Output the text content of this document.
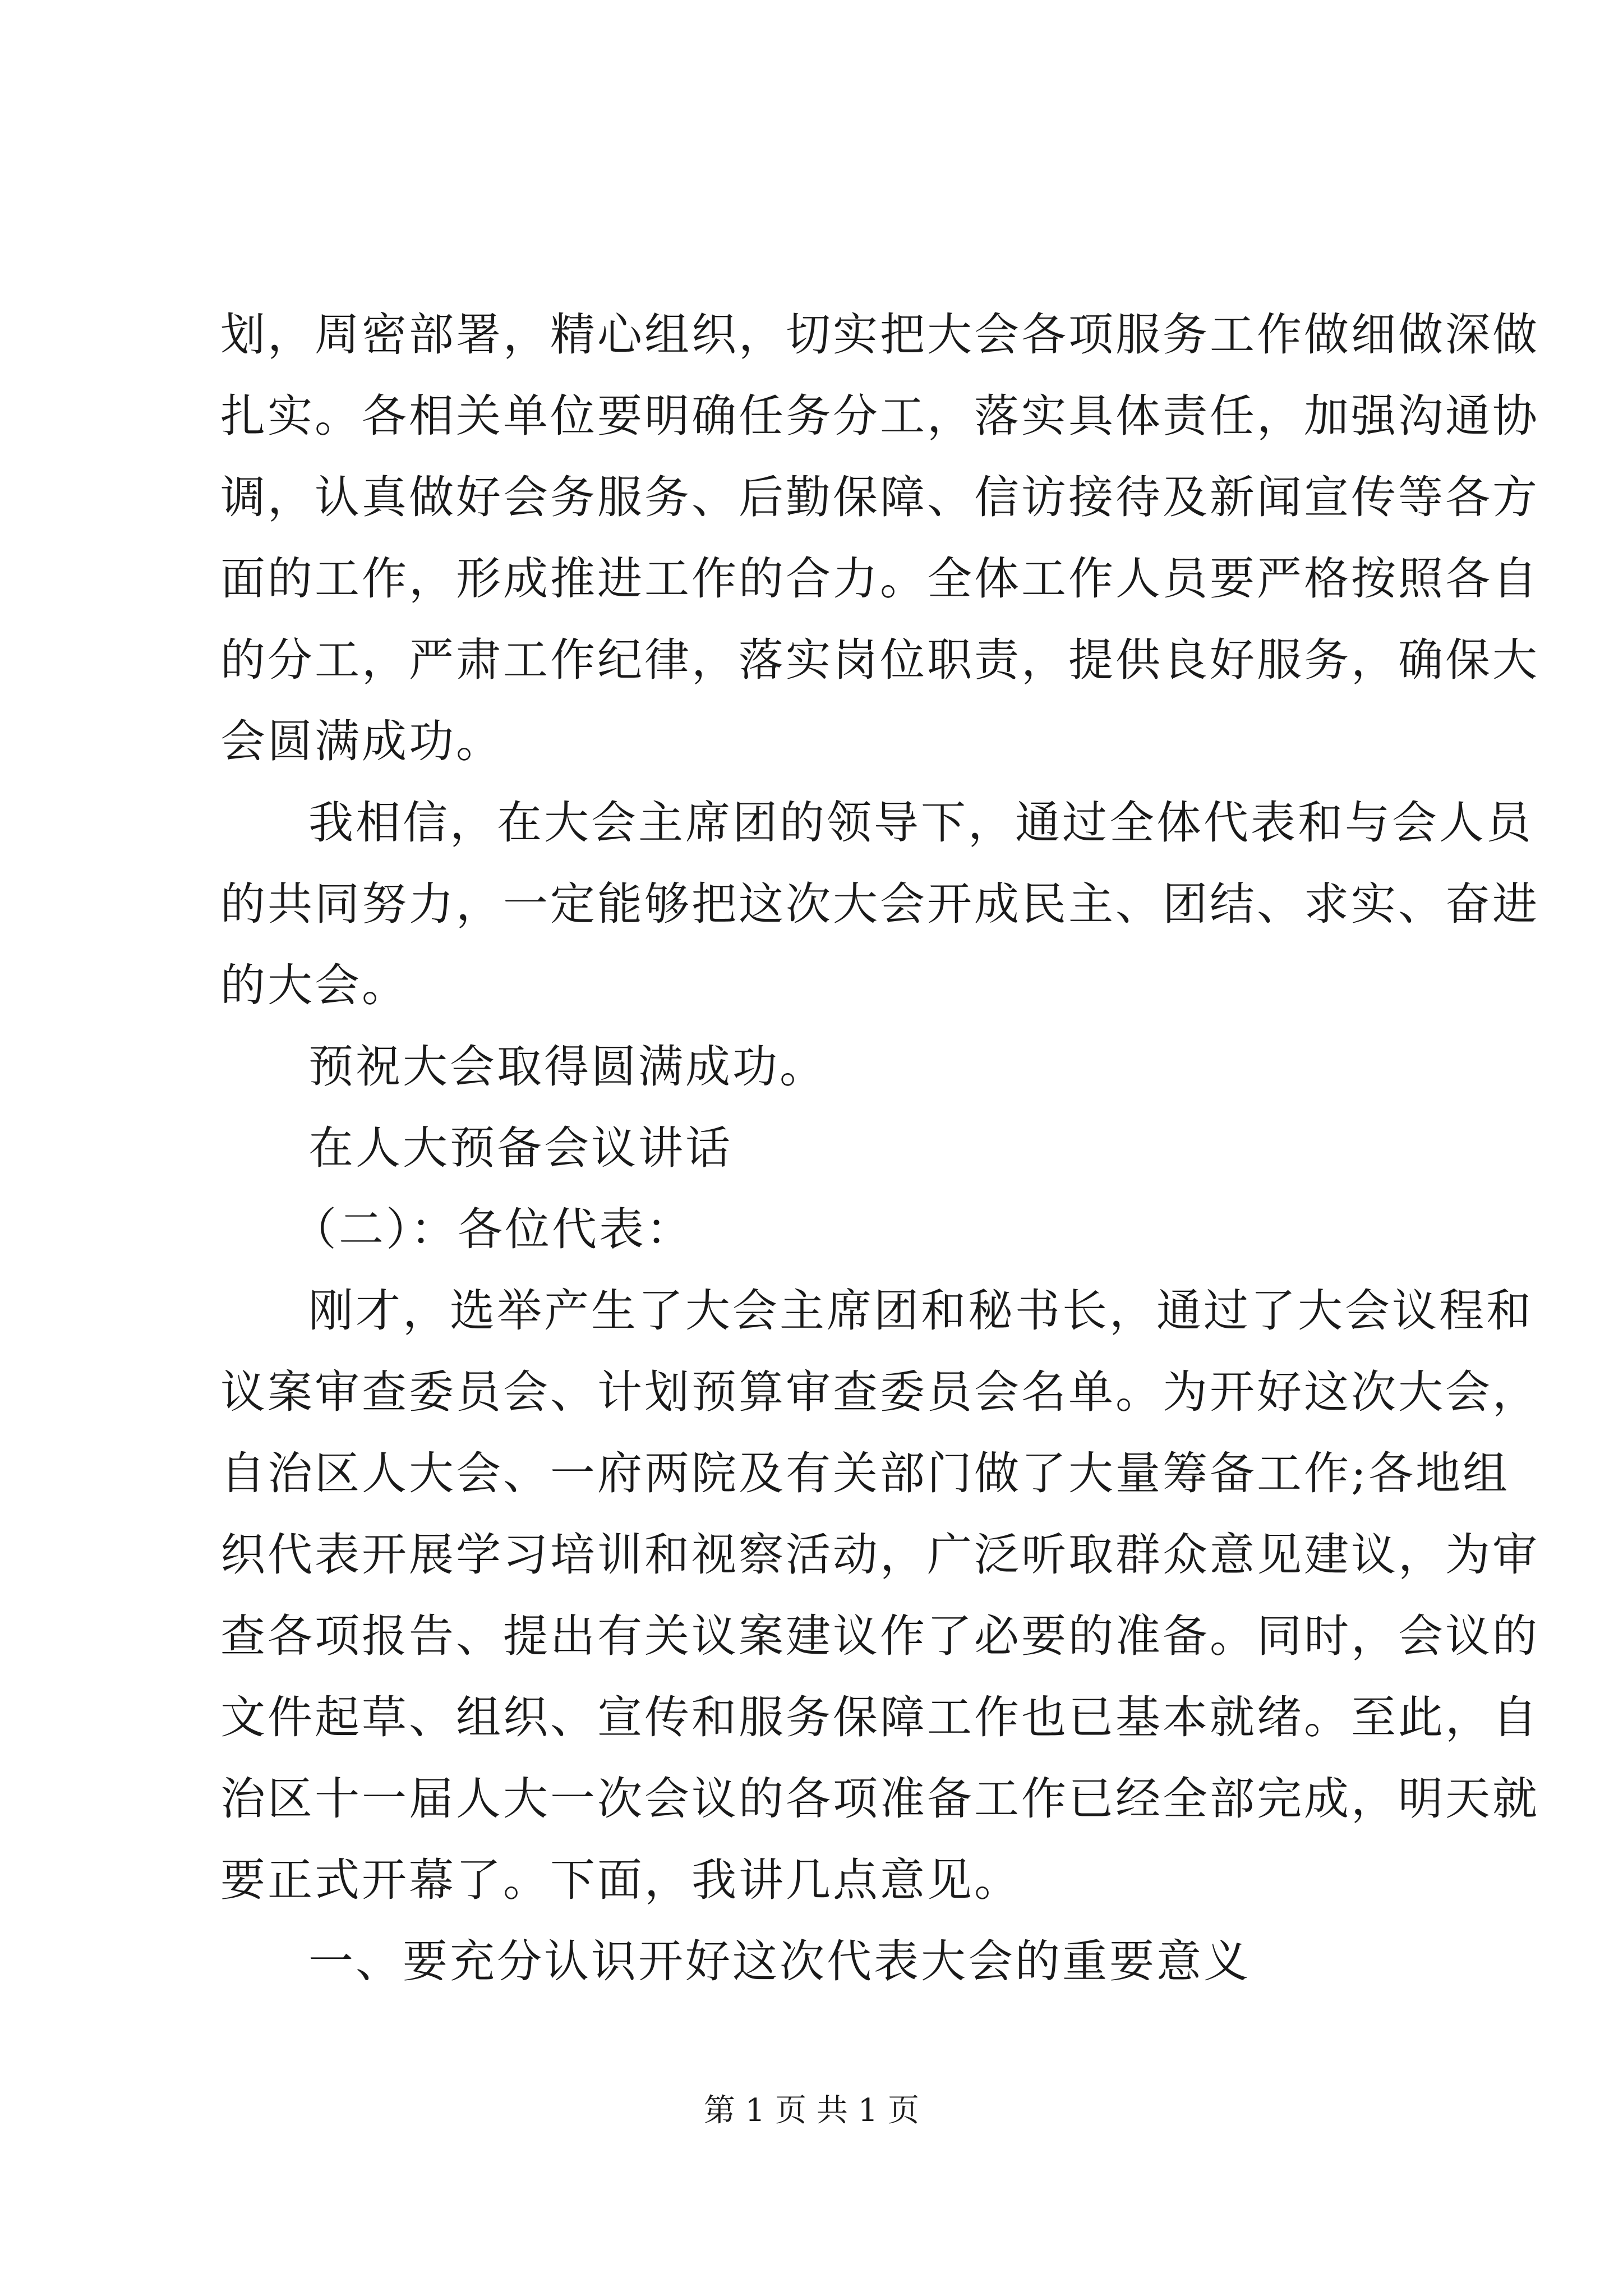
划，周密部署，精心组织，切实把大会各项服务工作做细做深做
扎实。各相关单位要明确任务分工，落实具体责任，加强沟通协
调，认真做好会务服务、后勤保障、信访接待及新闻宣传等各方
面的工作，形成推进工作的合力。全体工作人员要严格按照各自
的分工，严肃工作纪律，落实岗位职责，提供良好服务，确保大
会圆满成功。
我相信，在大会主席团的领导下，通过全体代表和与会人员
的共同努力，一定能够把这次大会开成民主、团结、求实、奋进
的大会。
预祝大会取得圆满成功。
在人大预备会议讲话
（二）：各位代表：
刚才，选举产生了大会主席团和秘书长，通过了大会议程和
议案审查委员会、计划预算审查委员会名单。为开好这次大会，
自治区人大会、一府两院及有关部门做了大量筹备工作;各地组
织代表开展学习培训和视察活动，广泛听取群众意见建议，为审
查各项报告、提出有关议案建议作了必要的准备。同时，会议的
文件起草、组织、宣传和服务保障工作也已基本就绪。至此，自
治区十一届人大一次会议的各项准备工作已经全部完成，明天就
要正式开幕了。下面，我讲几点意见。
一、要充分认识开好这次代表大会的重要意义
第 1 页 共 1 页
